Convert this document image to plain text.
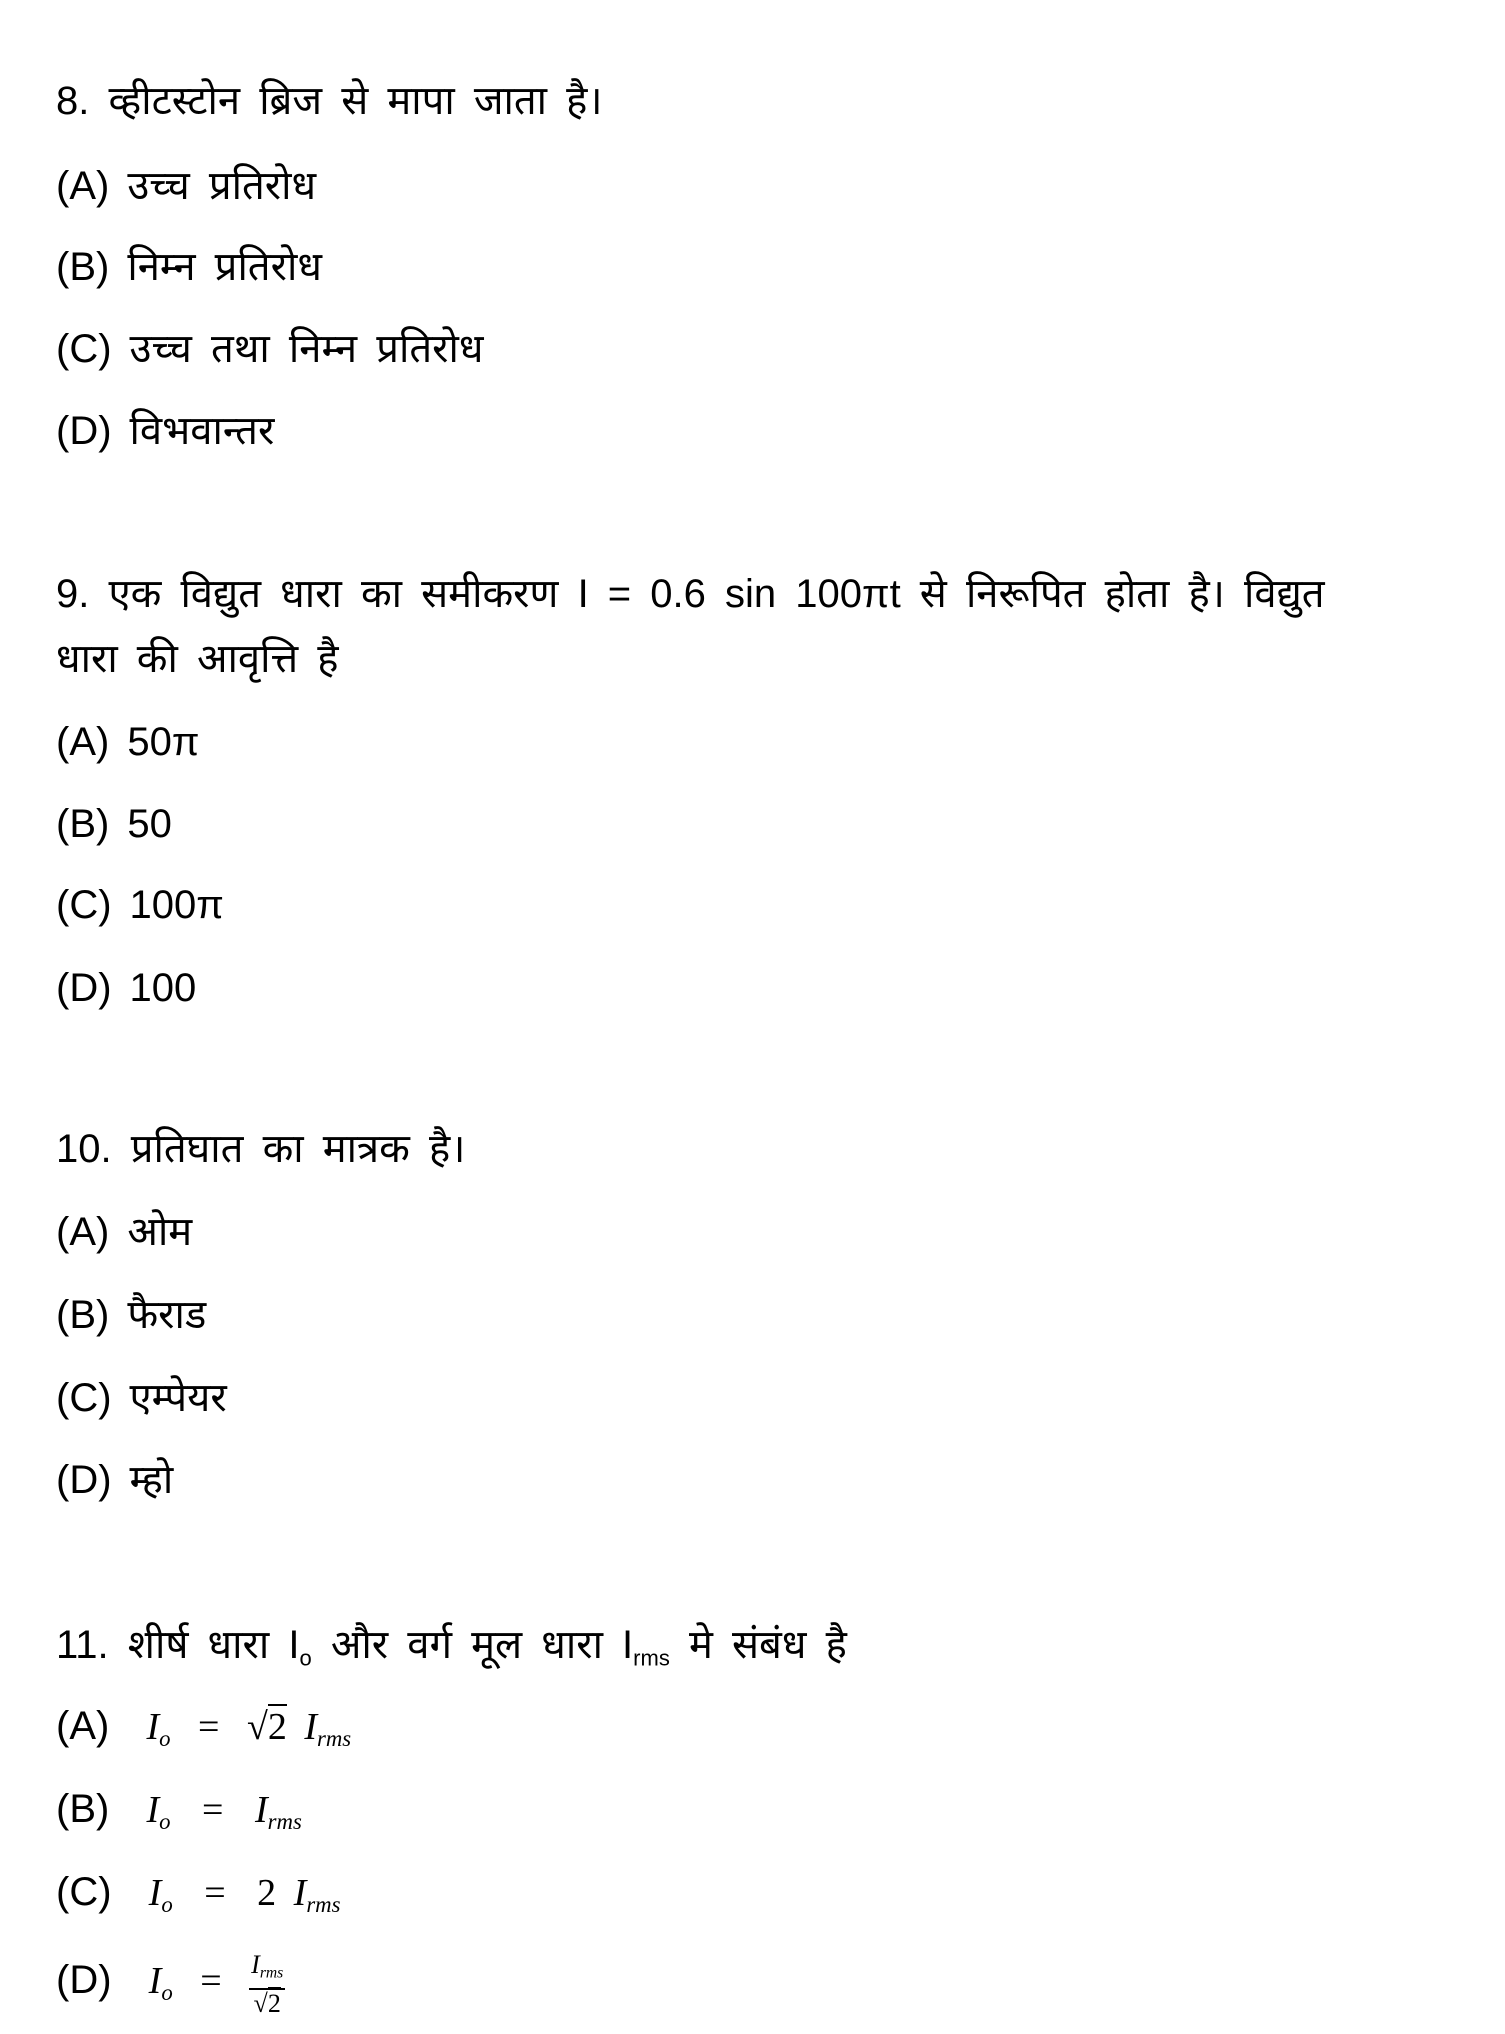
8. व्हीटस्टोन ब्रिज से मापा जाता है।
(A) उच्च प्रतिरोध
(B) निम्न प्रतिरोध
(C) उच्च तथा निम्न प्रतिरोध
(D) विभवान्तर
9. एक विद्युत धारा का समीकरण I = 0.6 sin 100πt से निरूपित होता है। विद्युत
धारा की आवृत्ति है
(A) 50π
(B) 50
(C) 100π
(D) 100
10. प्रतिघात का मात्रक है।
(A) ओम
(B) फैराड
(C) एम्पेयर
(D) म्हो
11. शीर्ष धारा Io और वर्ग मूल धारा Irms मे संबंध है
(A) $I_o = √2$ $I_{rms}$
(B) $I_o = I_{rms}$
(C) $I_o = 2$ $I_{rms}$
(D) $I_o = \frac{I_{rms}}{√2}$
